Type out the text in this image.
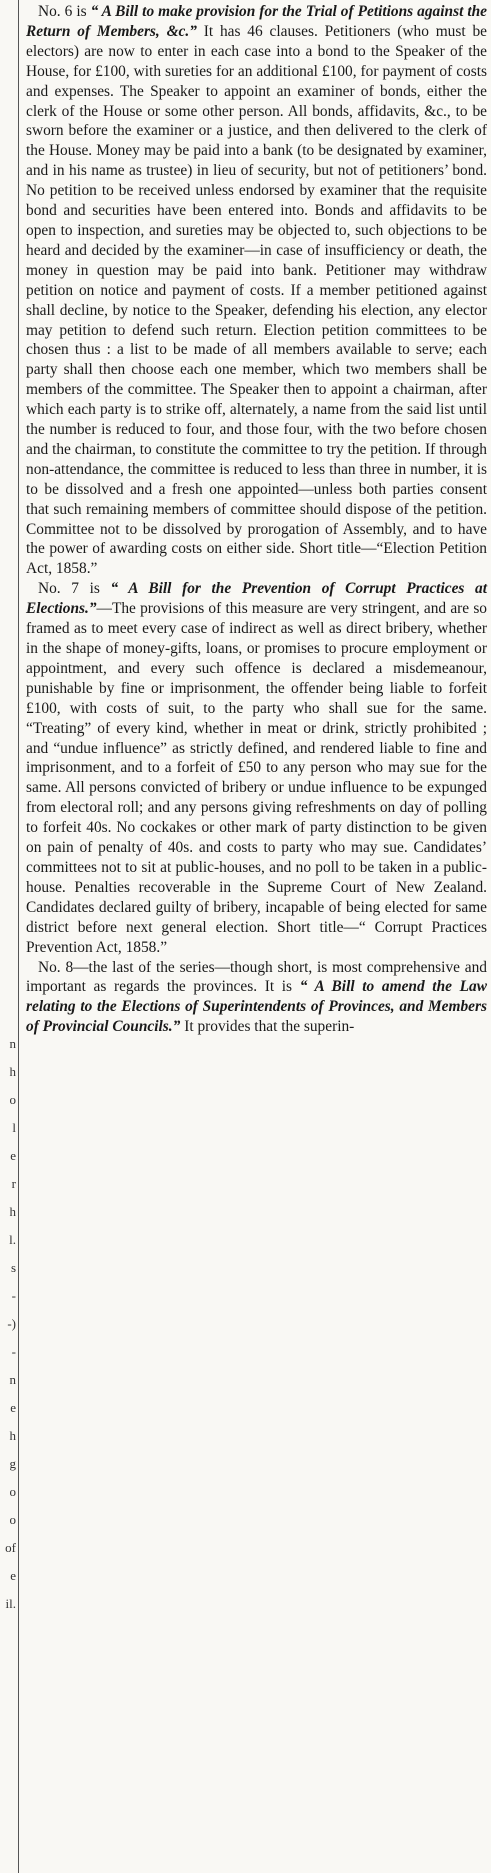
n
h
o
l
e
r
h
l.
s
-
-)
-
n
e
h
g
o
o
of
e
il.

No. 6 is “ A Bill to make provision for the Trial of Petitions against the Return of Members, &c.” It has 46 clauses. Petitioners (who must be electors) are now to enter in each case into a bond to the Speaker of the House, for £100, with sureties for an additional £100, for payment of costs and expenses. The Speaker to appoint an examiner of bonds, either the clerk of the House or some other person. All bonds, affidavits, &c., to be sworn before the examiner or a justice, and then delivered to the clerk of the House. Money may be paid into a bank (to be designated by examiner, and in his name as trustee) in lieu of security, but not of petitioners’ bond. No petition to be received unless endorsed by examiner that the requisite bond and securities have been entered into. Bonds and affidavits to be open to inspection, and sureties may be objected to, such objections to be heard and decided by the examiner—in case of insufficiency or death, the money in question may be paid into bank. Petitioner may withdraw petition on notice and payment of costs. If a member petitioned against shall decline, by notice to the Speaker, defending his election, any elector may petition to defend such return. Election petition committees to be chosen thus : a list to be made of all members available to serve; each party shall then choose each one member, which two members shall be members of the committee. The Speaker then to appoint a chairman, after which each party is to strike off, alternately, a name from the said list until the number is reduced to four, and those four, with the two before chosen and the chairman, to constitute the committee to try the petition. If through non-attendance, the committee is reduced to less than three in number, it is to be dissolved and a fresh one appointed—unless both parties consent that such remaining members of committee should dispose of the petition. Committee not to be dissolved by prorogation of Assembly, and to have the power of awarding costs on either side. Short title—“Election Petition Act, 1858.”

No. 7 is “ A Bill for the Prevention of Corrupt Practices at Elections.”—The provisions of this measure are very stringent, and are so framed as to meet every case of indirect as well as direct bribery, whether in the shape of money-gifts, loans, or promises to procure employment or appointment, and every such offence is declared a misdemeanour, punishable by fine or imprisonment, the offender being liable to forfeit £100, with costs of suit, to the party who shall sue for the same. “Treating” of every kind, whether in meat or drink, strictly prohibited ; and “undue influence” as strictly defined, and rendered liable to fine and imprisonment, and to a forfeit of £50 to any person who may sue for the same. All persons convicted of bribery or undue influence to be expunged from electoral roll; and any persons giving refreshments on day of polling to forfeit 40s. No cockakes or other mark of party distinction to be given on pain of penalty of 40s. and costs to party who may sue. Candidates’ committees not to sit at public-houses, and no poll to be taken in a public-house. Penalties recoverable in the Supreme Court of New Zealand. Candidates declared guilty of bribery, incapable of being elected for same district before next general election. Short title—“ Corrupt Practices Prevention Act, 1858.”

No. 8—the last of the series—though short, is most comprehensive and important as regards the provinces. It is “ A Bill to amend the Law relating to the Elections of Superintendents of Provinces, and Members of Provincial Councils.” It provides that the superin-
